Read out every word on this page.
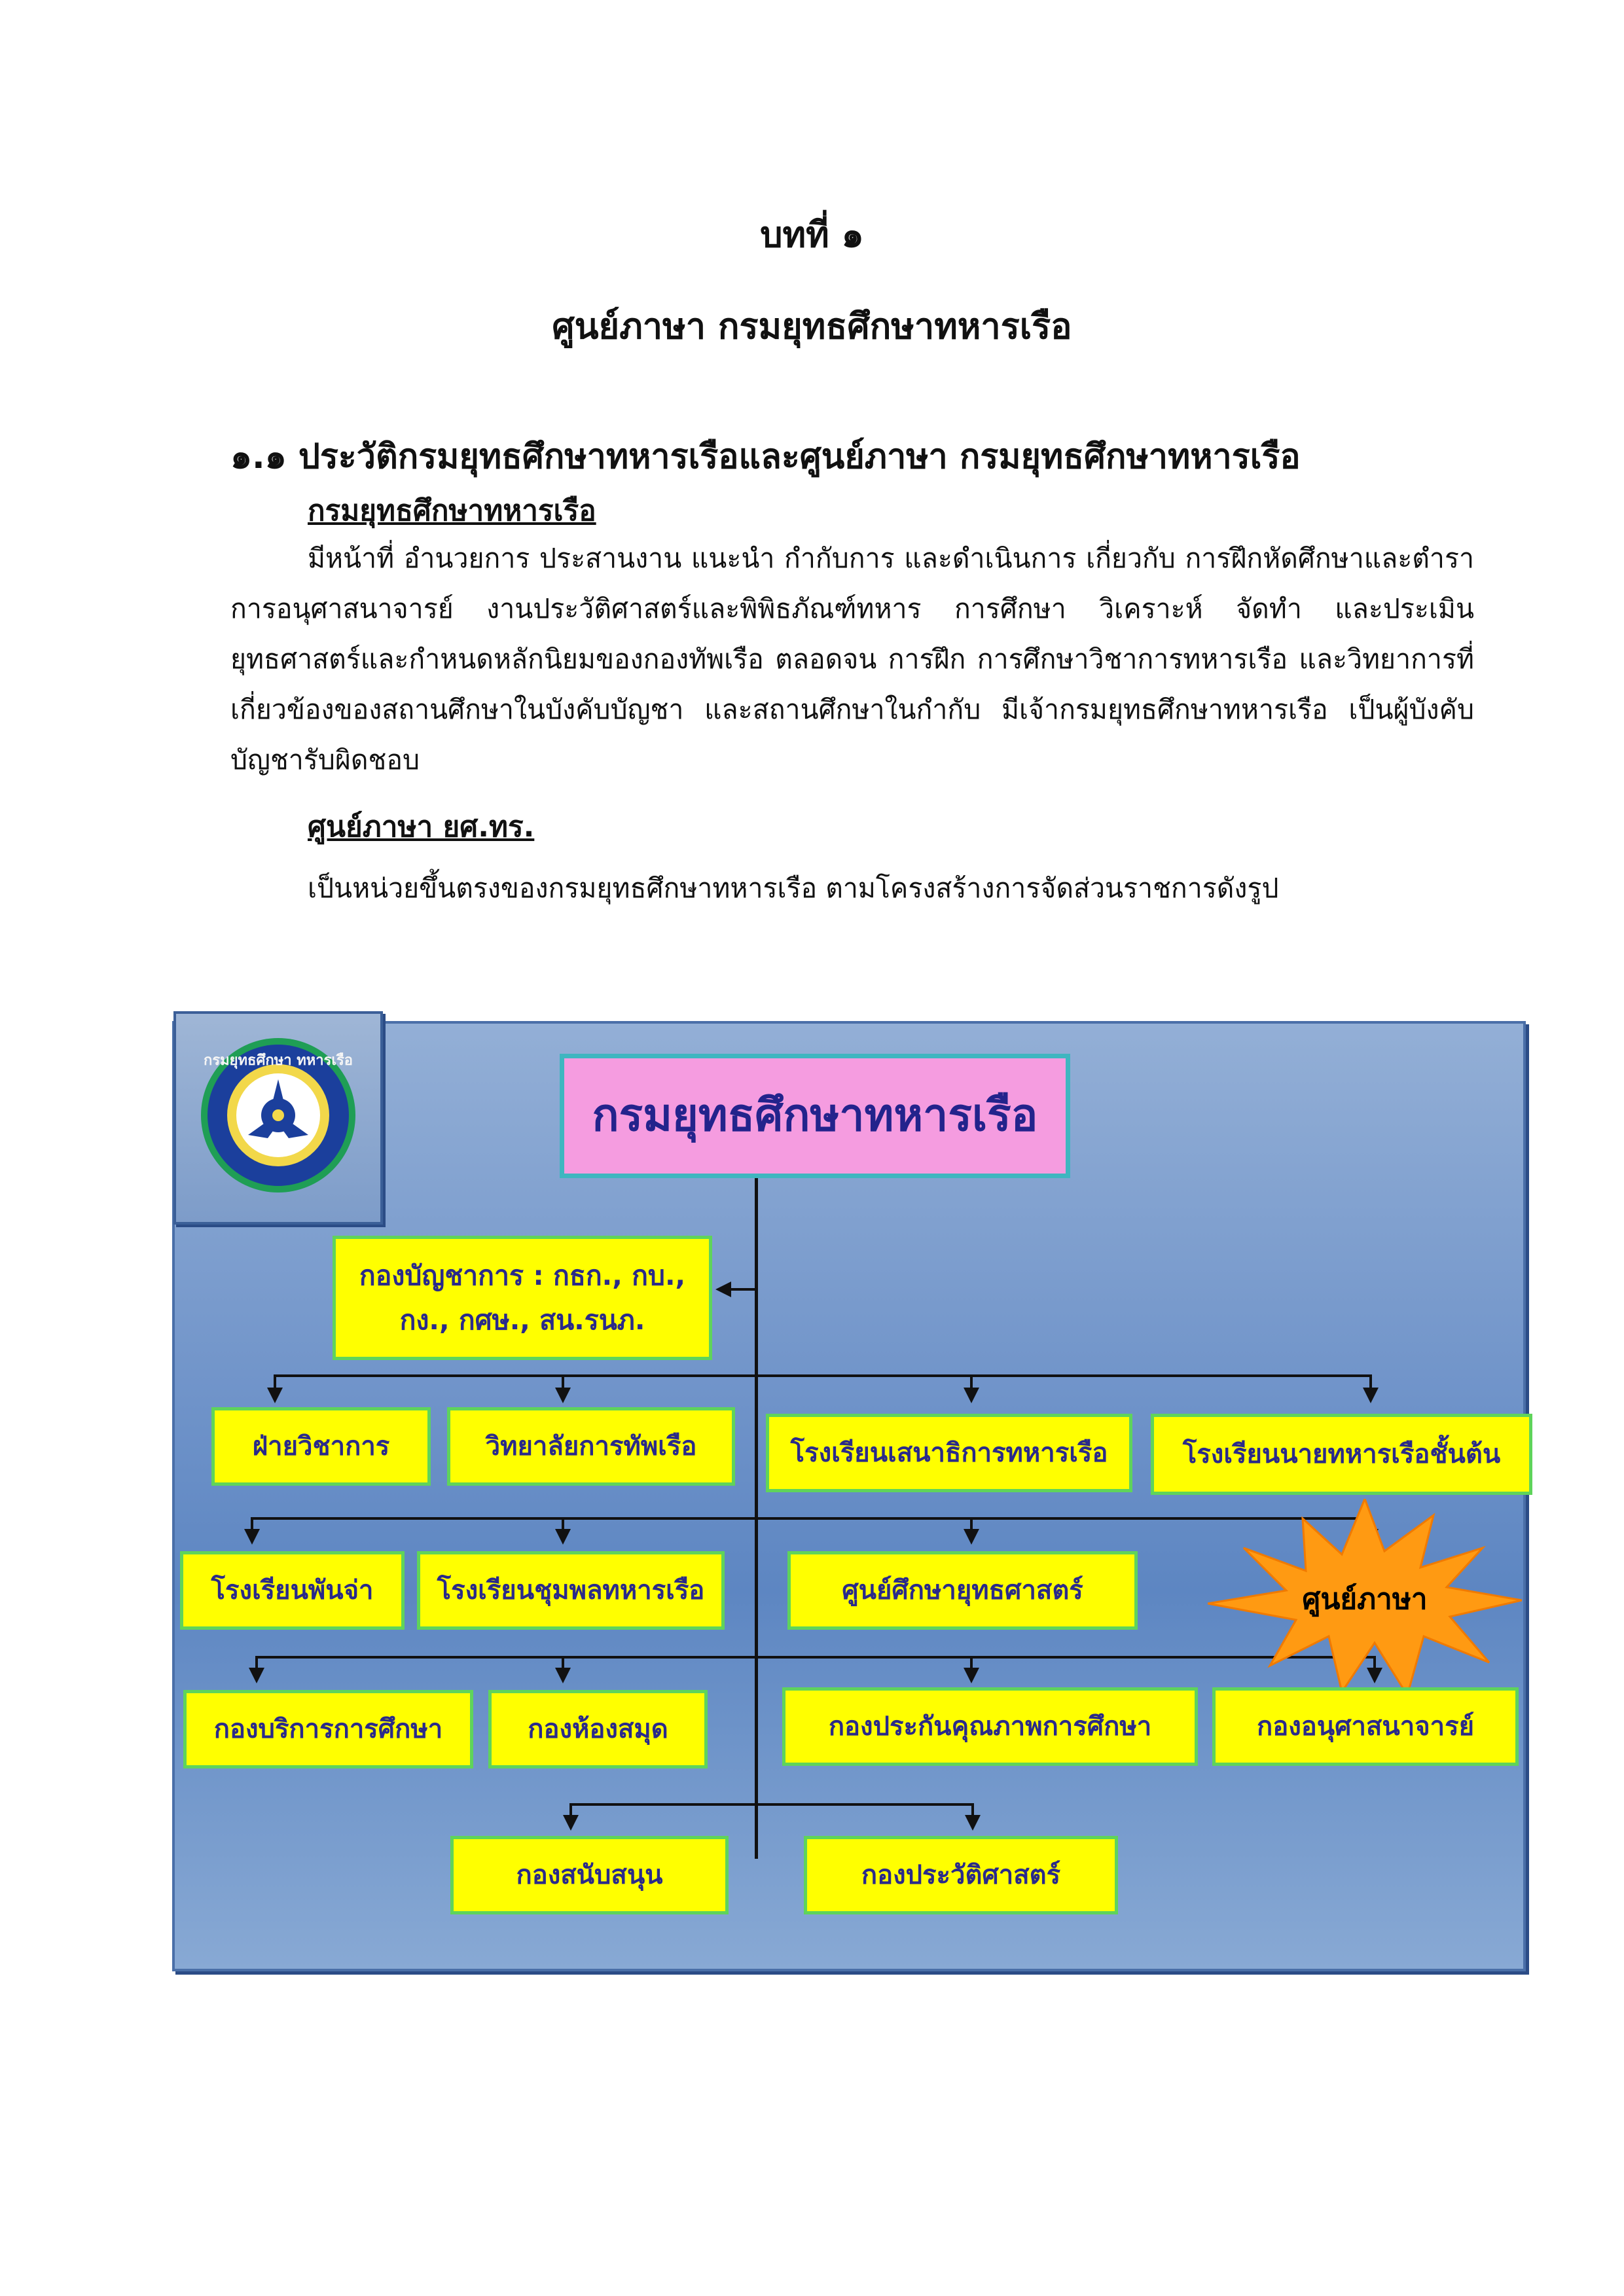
บทที่ ๑
ศูนย์ภาษา กรมยุทธศึกษาทหารเรือ
๑.๑ ประวัติกรมยุทธศึกษาทหารเรือและศูนย์ภาษา กรมยุทธศึกษาทหารเรือ
กรมยุทธศึกษาทหารเรือ
มีหน้าที่ อำนวยการ ประสานงาน แนะนำ กำกับการ และดำเนินการ เกี่ยวกับ การฝึกหัดศึกษาและตำรา การอนุศาสนาจารย์ งานประวัติศาสตร์และพิพิธภัณฑ์ทหาร การศึกษา วิเคราะห์ จัดทำ และประเมินยุทธศาสตร์และกำหนดหลักนิยมของกองทัพเรือ ตลอดจน การฝึก การศึกษาวิชาการทหารเรือ และวิทยาการที่เกี่ยวข้องของสถานศึกษาในบังคับบัญชา และสถานศึกษาในกำกับ มีเจ้ากรมยุทธศึกษาทหารเรือ เป็นผู้บังคับบัญชารับผิดชอบ
ศูนย์ภาษา ยศ.ทร.
เป็นหน่วยขึ้นตรงของกรมยุทธศึกษาทหารเรือ ตามโครงสร้างการจัดส่วนราชการดังรูป
กรมยุทธศึกษา ทหารเรือ
กรมยุทธศึกษาทหารเรือ
กองบัญชาการ : กธก., กบ., กง., กศษ., สน.รนภ.
ฝ่ายวิชาการ	วิทยาลัยการทัพเรือ	โรงเรียนเสนาธิการทหารเรือ	โรงเรียนนายทหารเรือชั้นต้น
โรงเรียนพันจ่า	โรงเรียนชุมพลทหารเรือ	ศูนย์ศึกษายุทธศาสตร์	ศูนย์ภาษา
กองบริการการศึกษา	กองห้องสมุด	กองประกันคุณภาพการศึกษา	กองอนุศาสนาจารย์
กองสนับสนุน	กองประวัติศาสตร์
